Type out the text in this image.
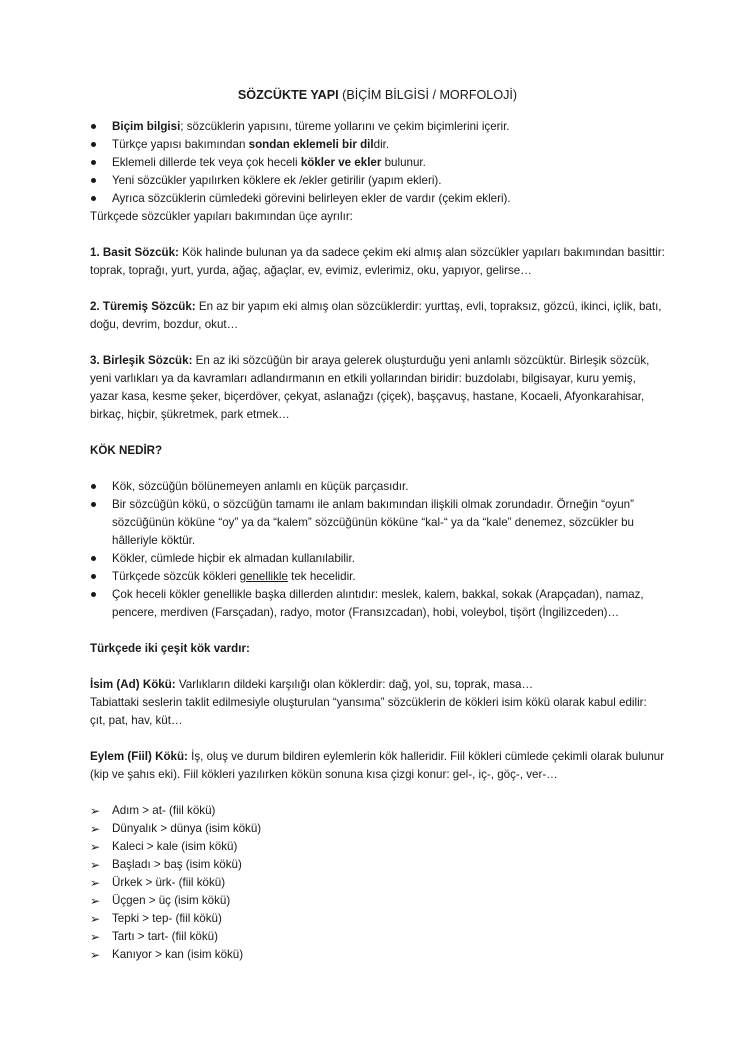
SÖZCÜKTE YAPI (BİÇİM BİLGİSİ / MORFOLOJİ)
Biçim bilgisi; sözcüklerin yapısını, türeme yollarını ve çekim biçimlerini içerir.
Türkçe yapısı bakımından sondan eklemeli bir dildir.
Eklemeli dillerde tek veya çok heceli kökler ve ekler bulunur.
Yeni sözcükler yapılırken köklere ek /ekler getirilir (yapım ekleri).
Ayrıca sözcüklerin cümledeki görevini belirleyen ekler de vardır (çekim ekleri).

Türkçede sözcükler yapıları bakımından üçe ayrılır:

1. Basit Sözcük: Kök halinde bulunan ya da sadece çekim eki almış alan sözcükler yapıları bakımından basittir: toprak, toprağı, yurt, yurda, ağaç, ağaçlar, ev, evimiz, evlerimiz, oku, yapıyor, gelirse…

2. Türemiş Sözcük: En az bir yapım eki almış olan sözcüklerdir: yurttaş, evli, topraksız, gözcü, ikinci, içlik, batı, doğu, devrim, bozdur, okut…

3. Birleşik Sözcük: En az iki sözcüğün bir araya gelerek oluşturduğu yeni anlamlı sözcüktür. Birleşik sözcük, yeni varlıkları ya da kavramları adlandırmanın en etkili yollarından biridir: buzdolabı, bilgisayar, kuru yemiş, yazar kasa, kesme şeker, biçerdöver, çekyat, aslanağzı (çiçek), başçavuş, hastane, Kocaeli, Afyonkarahisar, birkaç, hiçbir, şükretmek, park etmek…

KÖK NEDİR?

Kök, sözcüğün bölünemeyen anlamlı en küçük parçasıdır.
Bir sözcüğün kökü, o sözcüğün tamamı ile anlam bakımından ilişkili olmak zorundadır. Örneğin “oyun” sözcüğünün köküne “oy” ya da “kalem” sözcüğünün köküne “kal-“ ya da “kale” denemez, sözcükler bu hâlleriyle köktür.
Kökler, cümlede hiçbir ek almadan kullanılabilir.
Türkçede sözcük kökleri genellikle tek hecelidir.
Çok heceli kökler genellikle başka dillerden alıntıdır: meslek, kalem, bakkal, sokak (Arapçadan), namaz, pencere, merdiven (Farsçadan), radyo, motor (Fransızcadan), hobi, voleybol, tişört (İngilizceden)…

Türkçede iki çeşit kök vardır:

İsim (Ad) Kökü: Varlıkların dildeki karşılığı olan köklerdir: dağ, yol, su, toprak, masa…

Tabiattaki seslerin taklit edilmesiyle oluşturulan “yansıma” sözcüklerin de kökleri isim kökü olarak kabul edilir: çıt, pat, hav, küt…

Eylem (Fiil) Kökü: İş, oluş ve durum bildiren eylemlerin kök halleridir. Fiil kökleri cümlede çekimli olarak bulunur (kip ve şahıs eki). Fiil kökleri yazılırken kökün sonuna kısa çizgi konur: gel-, iç-, göç-, ver-…

➢ Adım > at- (fiil kökü)
➢ Dünyalık > dünya (isim kökü)
➢ Kaleci > kale (isim kökü)
➢ Başladı > baş (isim kökü)
➢ Ürkek > ürk- (fiil kökü)
➢ Üçgen > üç (isim kökü)
➢ Tepki > tep- (fiil kökü)
➢ Tartı > tart- (fiil kökü)
➢ Kanıyor > kan (isim kökü)
